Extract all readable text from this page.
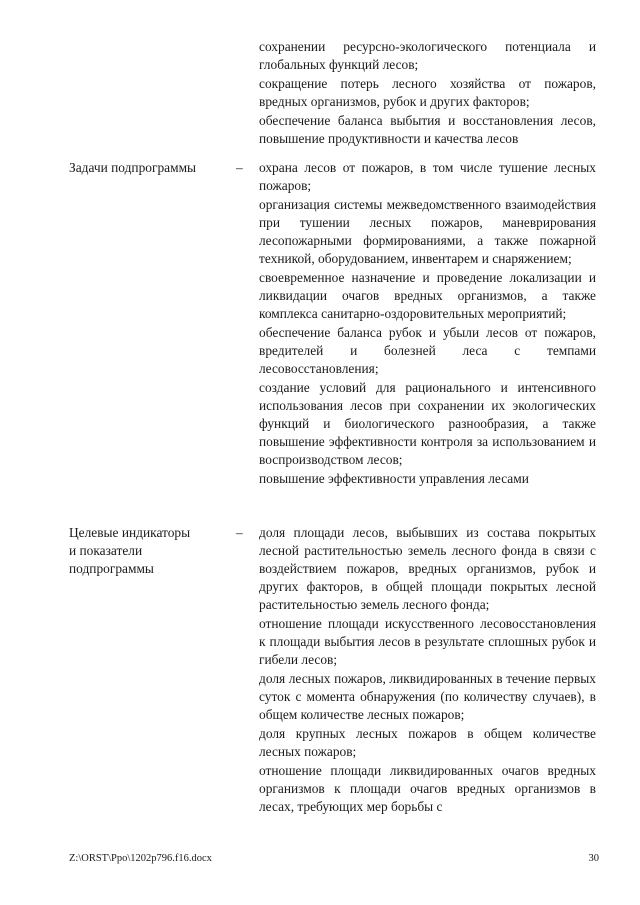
сохранении ресурсно-экологического потенциала и глобальных функций лесов;
сокращение потерь лесного хозяйства от пожаров, вредных организмов, рубок и других факторов;
обеспечение баланса выбытия и восстановления лесов, повышение продуктивности и качества лесов
Задачи подпрограммы	– охрана лесов от пожаров, в том числе тушение лесных пожаров;
организация системы межведомственного взаимодействия при тушении лесных пожаров, маневрирования лесопожарными формированиями, а также пожарной техникой, оборудованием, инвентарем и снаряжением;
своевременное назначение и проведение локализации и ликвидации очагов вредных организмов, а также комплекса санитарно-оздоровительных мероприятий;
обеспечение баланса рубок и убыли лесов от пожаров, вредителей и болезней леса с темпами лесовосстановления;
создание условий для рационального и интенсивного использования лесов при сохранении их экологических функций и биологического разнообразия, а также повышение эффективности контроля за использованием и воспроизводством лесов;
повышение эффективности управления лесами
Целевые индикаторы
и показатели
подпрограммы
– доля площади лесов, выбывших из состава покрытых лесной растительностью земель лесного фонда в связи с воздействием пожаров, вредных организмов, рубок и других факторов, в общей площади покрытых лесной растительностью земель лесного фонда;
отношение площади искусственного лесовосстановления к площади выбытия лесов в результате сплошных рубок и гибели лесов;
доля лесных пожаров, ликвидированных в течение первых суток с момента обнаружения (по количеству случаев), в общем количестве лесных пожаров;
доля крупных лесных пожаров в общем количестве лесных пожаров;
отношение площади ликвидированных очагов вредных организмов к площади очагов вредных организмов в лесах, требующих мер борьбы с
Z:\ORST\Ppo\1202p796.f16.docx	30
